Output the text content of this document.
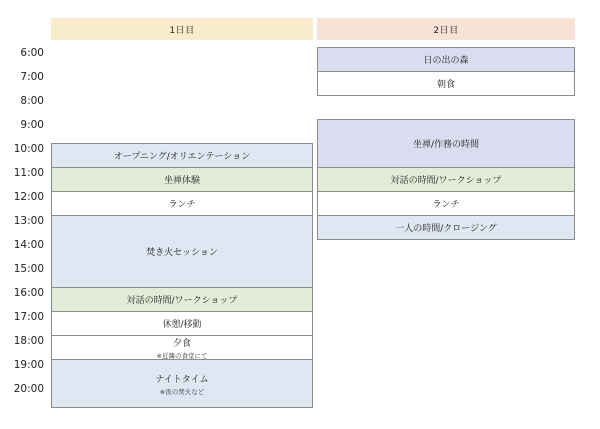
1日目	2日目
6:00
7:00
8:00
9:00
10:00
11:00
12:00
13:00
14:00
15:00
16:00
17:00
18:00
19:00
20:00
オープニング/オリエンテーション
坐禅体験
ランチ
焚き火セッション
対話の時間/ワークショップ
休憩/移動
夕食
※近隣の食堂にて
ナイトタイム
※夜の焚火など
日の出の森
朝食
坐禅/作務の時間
対話の時間/ワークショップ
ランチ
一人の時間/クロージング
